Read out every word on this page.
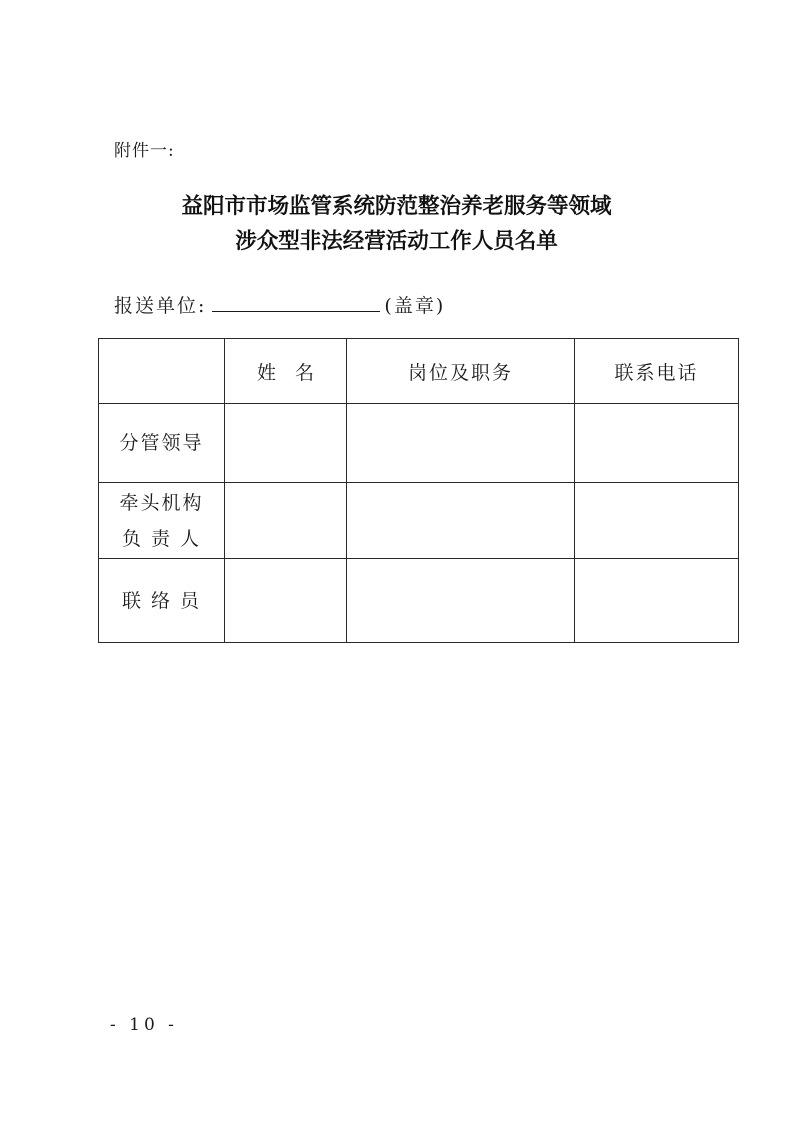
附件一:
益阳市市场监管系统防范整治养老服务等领域
涉众型非法经营活动工作人员名单
报送单位:	(盖章)
	姓　名	岗位及职务	联系电话

分管领导			

牵头机构
负 责 人			

联 络 员			

- 10 -
